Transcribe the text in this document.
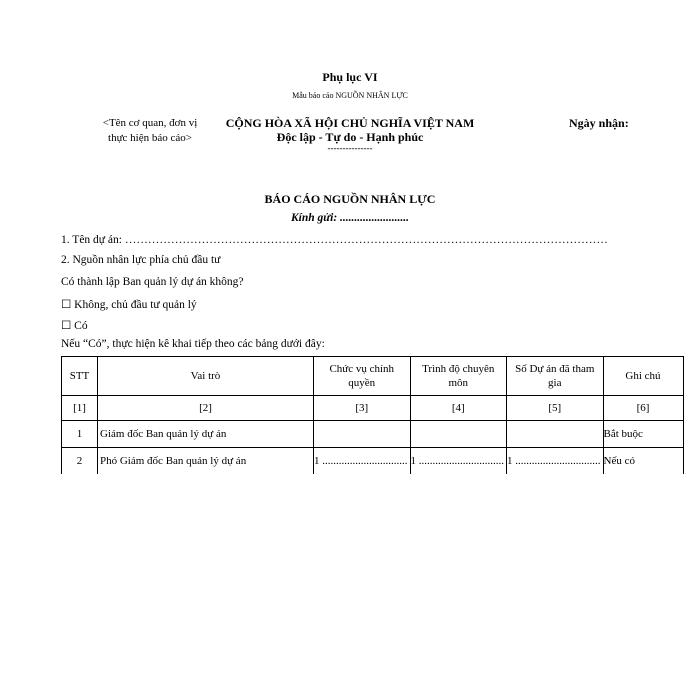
Phụ lục VI
Mẫu báo cáo NGUỒN NHÂN LỰC
<Tên cơ quan, đơn vị
thực hiện báo cáo>
CỘNG HÒA XÃ HỘI CHỦ NGHĨA VIỆT NAM
Độc lập - Tự do - Hạnh phúc
---------------
Ngày nhận:
BÁO CÁO NGUỒN NHÂN LỰC
Kính gửi: ........................
1. Tên dự án: ………………………………………………………………………………………………………………
2. Nguồn nhân lực phía chủ đầu tư
Có thành lập Ban quản lý dự án không?
☐ Không, chủ đầu tư quản lý
☐ Có
Nếu “Có”, thực hiện kê khai tiếp theo các bảng dưới đây:
STT	Vai trò	Chức vụ chính quyền	Trình độ chuyên môn	Số Dự án đã tham gia	Ghi chú
[1]	[2]	[3]	[4]	[5]	[6]
1	Giám đốc Ban quản lý dự án				Bắt buộc
2	Phó Giám đốc Ban quản lý dự án	1 ...............................	1 ...............................	1 ...............................	Nếu có
